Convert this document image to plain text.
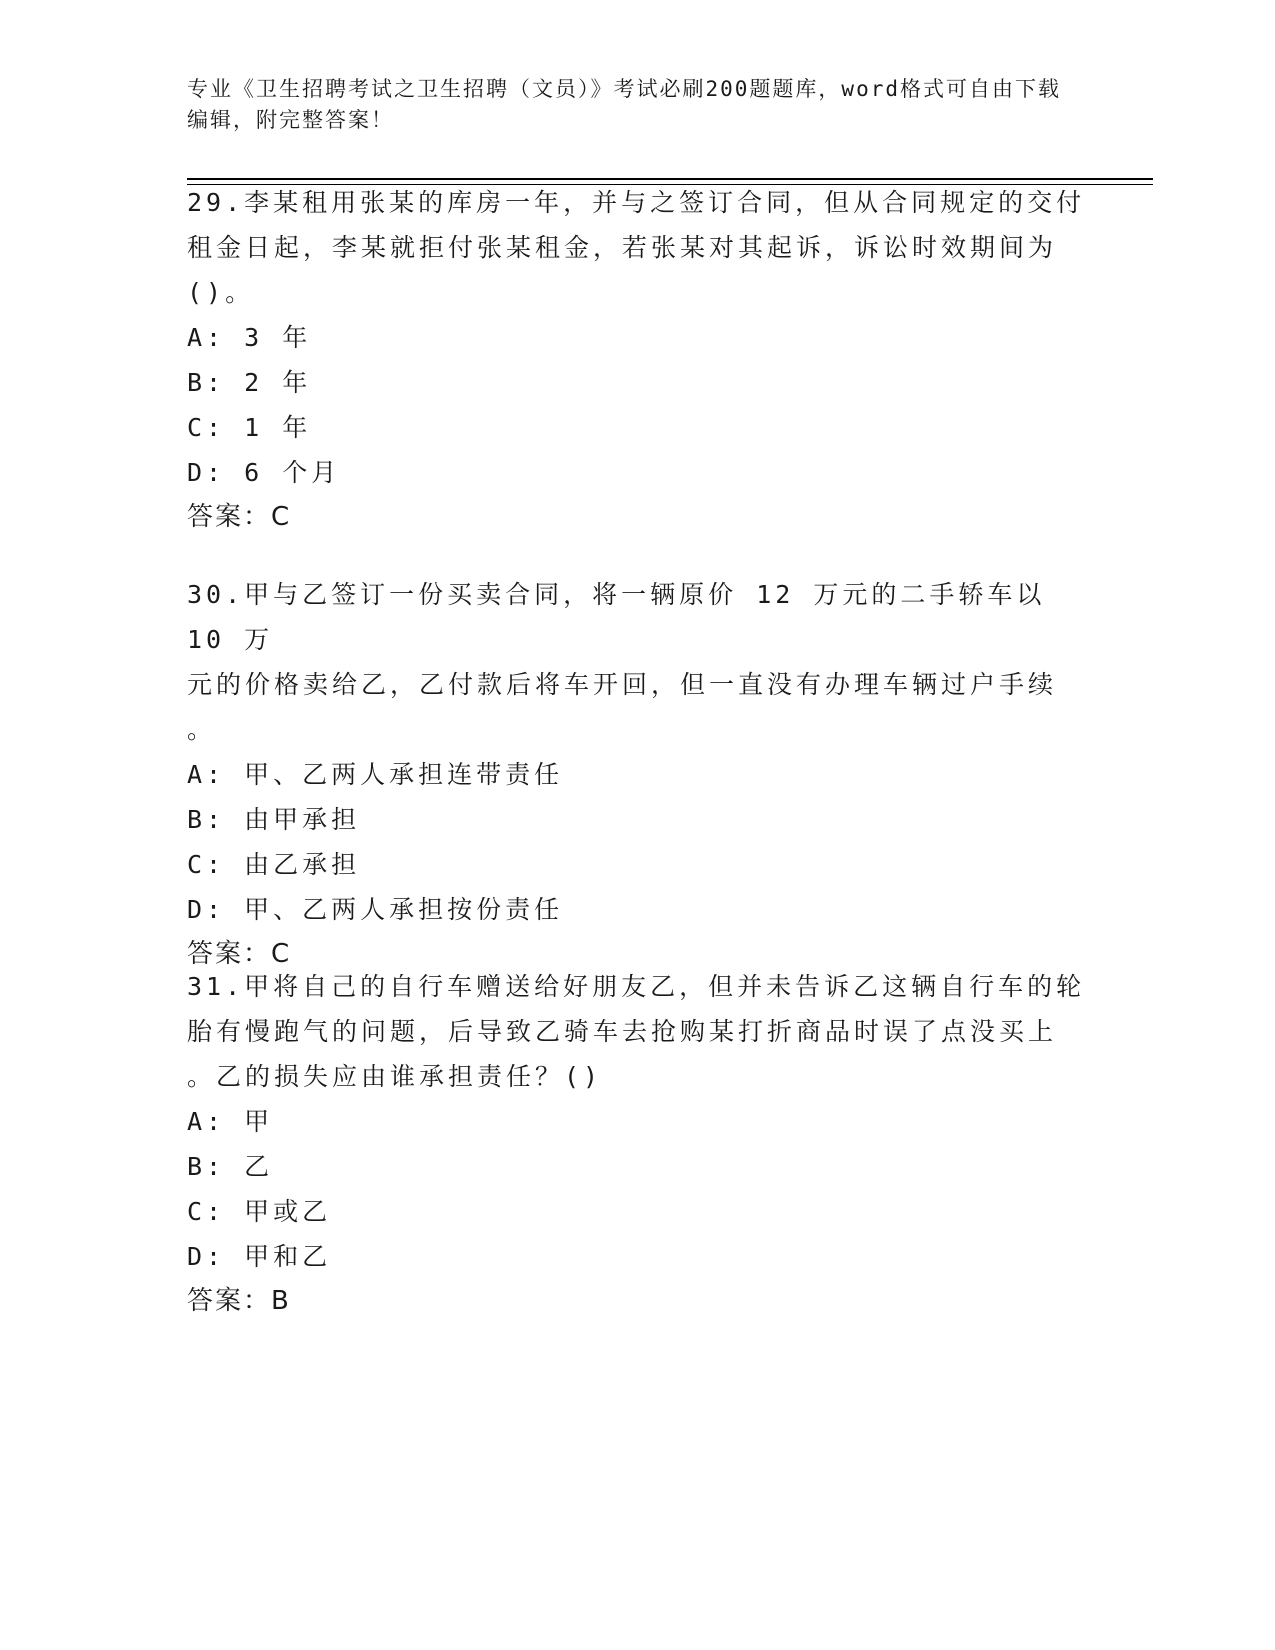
专业《卫生招聘考试之卫生招聘（文员）》考试必刷200题题库，word格式可自由下载编辑，附完整答案！
29.李某租用张某的库房一年，并与之签订合同，但从合同规定的交付
租金日起，李某就拒付张某租金，若张某对其起诉，诉讼时效期间为
()。
A: 3 年
B: 2 年
C: 1 年
D: 6 个月
答案：C
30.甲与乙签订一份买卖合同，将一辆原价 12 万元的二手轿车以 10 万
元的价格卖给乙，乙付款后将车开回，但一直没有办理车辆过户手续
。
A: 甲、乙两人承担连带责任
B: 由甲承担
C: 由乙承担
D: 甲、乙两人承担按份责任
答案：C
31.甲将自己的自行车赠送给好朋友乙，但并未告诉乙这辆自行车的轮
胎有慢跑气的问题，后导致乙骑车去抢购某打折商品时误了点没买上
。乙的损失应由谁承担责任？()
A: 甲
B: 乙
C: 甲或乙
D: 甲和乙
答案：B
